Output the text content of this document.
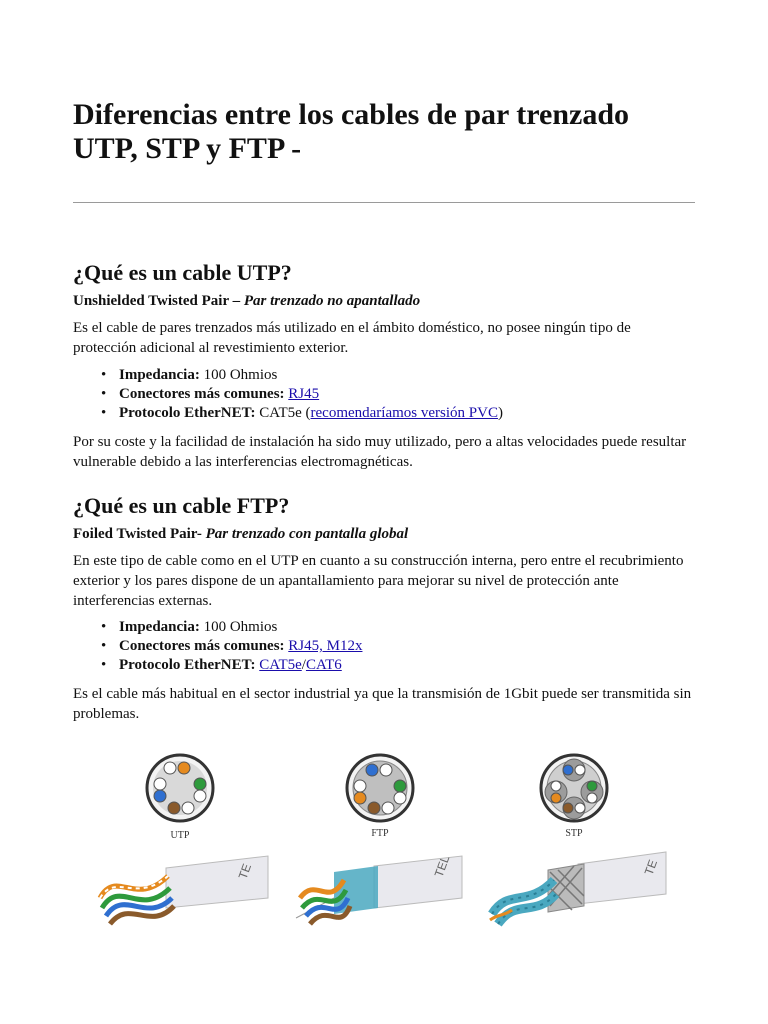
Diferencias entre los cables de par trenzado UTP, STP y FTP -
¿Qué es un cable UTP?
Unshielded Twisted Pair – Par trenzado no apantallado

Es el cable de pares trenzados más utilizado en el ámbito doméstico, no posee ningún tipo de protección adicional al revestimiento exterior.

• Impedancia: 100 Ohmios
• Conectores más comunes: RJ45
• Protocolo EtherNET: CAT5e (recomendaríamos versión PVC)

Por su coste y la facilidad de instalación ha sido muy utilizado, pero a altas velocidades puede resultar vulnerable debido a las interferencias electromagnéticas.

¿Qué es un cable FTP?
Foiled Twisted Pair- Par trenzado con pantalla global

En este tipo de cable como en el UTP en cuanto a su construcción interna, pero entre el recubrimiento exterior y los pares dispone de un apantallamiento para mejorar su nivel de protección ante interferencias externas.

• Impedancia: 100 Ohmios
• Conectores más comunes: RJ45, M12x
• Protocolo EtherNET: CAT5e/CAT6

Es el cable más habitual en el sector industrial ya que la transmisión de 1Gbit puede ser transmitida sin problemas.

UTP
TE
FTP
TEL
STP
TE
